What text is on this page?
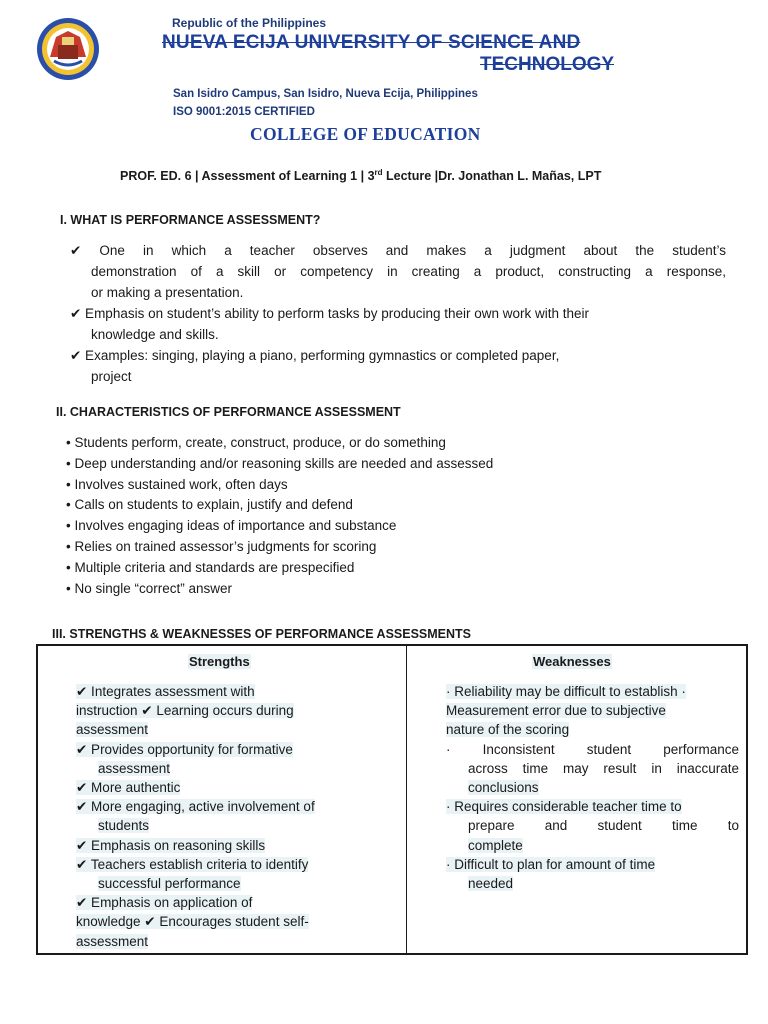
Republic of the Philippines
NUEVA ECIJA UNIVERSITY OF SCIENCE AND
TECHNOLOGY
San Isidro Campus, San Isidro, Nueva Ecija, Philippines
ISO 9001:2015 CERTIFIED
COLLEGE OF EDUCATION
PROF. ED. 6 | Assessment of Learning 1 | 3rd Lecture |Dr. Jonathan L. Mañas, LPT
I. WHAT IS PERFORMANCE ASSESSMENT?
✔ One in which a teacher observes and makes a judgment about the student’s
demonstration of a skill or competency in creating a product, constructing a response,
or making a presentation.
✔ Emphasis on student’s ability to perform tasks by producing their own work with their
knowledge and skills.
✔ Examples: singing, playing a piano, performing gymnastics or completed paper,
project
II. CHARACTERISTICS OF PERFORMANCE ASSESSMENT
• Students perform, create, construct, produce, or do something
• Deep understanding and/or reasoning skills are needed and assessed
• Involves sustained work, often days
• Calls on students to explain, justify and defend
• Involves engaging ideas of importance and substance
• Relies on trained assessor’s judgments for scoring
• Multiple criteria and standards are prespecified
• No single “correct” answer
III. STRENGTHS & WEAKNESSES OF PERFORMANCE ASSESSMENTS
Strengths	Weaknesses
✔ Integrates assessment with
instruction ✔ Learning occurs during
assessment
✔ Provides opportunity for formative
assessment
✔ More authentic
✔ More engaging, active involvement of
students
✔ Emphasis on reasoning skills
✔ Teachers establish criteria to identify
successful performance
✔ Emphasis on application of
knowledge ✔ Encourages student self-
assessment
· Reliability may be difficult to establish ·
Measurement error due to subjective
nature of the scoring
· Inconsistent student performance
across time may result in inaccurate
conclusions
· Requires considerable teacher time to
prepare and student time to
complete
· Difficult to plan for amount of time
needed
